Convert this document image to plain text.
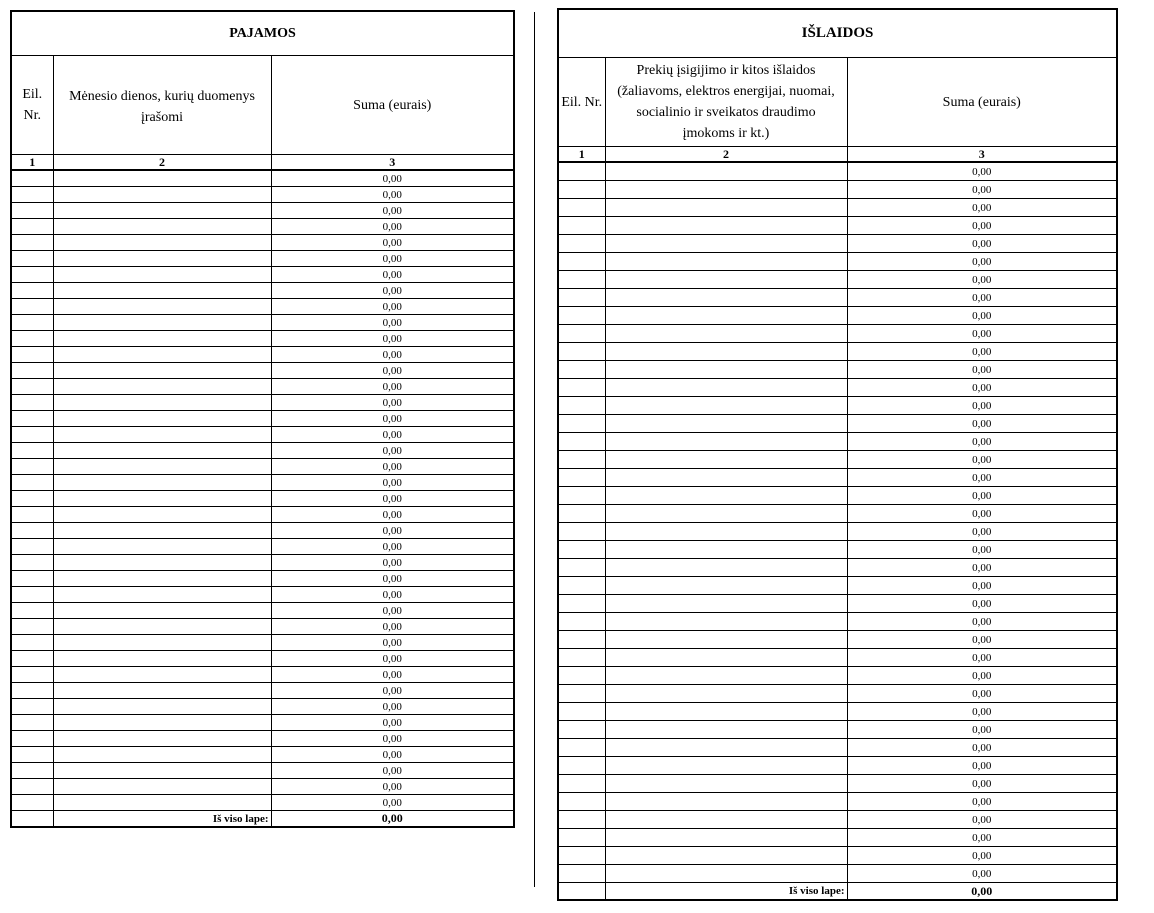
PAJAMOS		
Eil. Nr.	Mėnesio dienos, kurių duomenys įrašomi	Suma (eurais)
1	2	3
		0,00
		0,00
		0,00
		0,00
		0,00
		0,00
		0,00
		0,00
		0,00
		0,00
		0,00
		0,00
		0,00
		0,00
		0,00
		0,00
		0,00
		0,00
		0,00
		0,00
		0,00
		0,00
		0,00
		0,00
		0,00
		0,00
		0,00
		0,00
		0,00
		0,00
		0,00
		0,00
		0,00
		0,00
		0,00
		0,00
		0,00
		0,00
		0,00
		0,00
	Iš viso lape:	0,00
IŠLAIDOS		
Eil. Nr.	Prekių įsigijimo ir kitos išlaidos (žaliavoms, elektros energijai, nuomai, socialinio ir sveikatos draudimo įmokoms ir kt.)	Suma (eurais)
1	2	3
		0,00
		0,00
		0,00
		0,00
		0,00
		0,00
		0,00
		0,00
		0,00
		0,00
		0,00
		0,00
		0,00
		0,00
		0,00
		0,00
		0,00
		0,00
		0,00
		0,00
		0,00
		0,00
		0,00
		0,00
		0,00
		0,00
		0,00
		0,00
		0,00
		0,00
		0,00
		0,00
		0,00
		0,00
		0,00
		0,00
		0,00
		0,00
		0,00
		0,00
	Iš viso lape:	0,00
